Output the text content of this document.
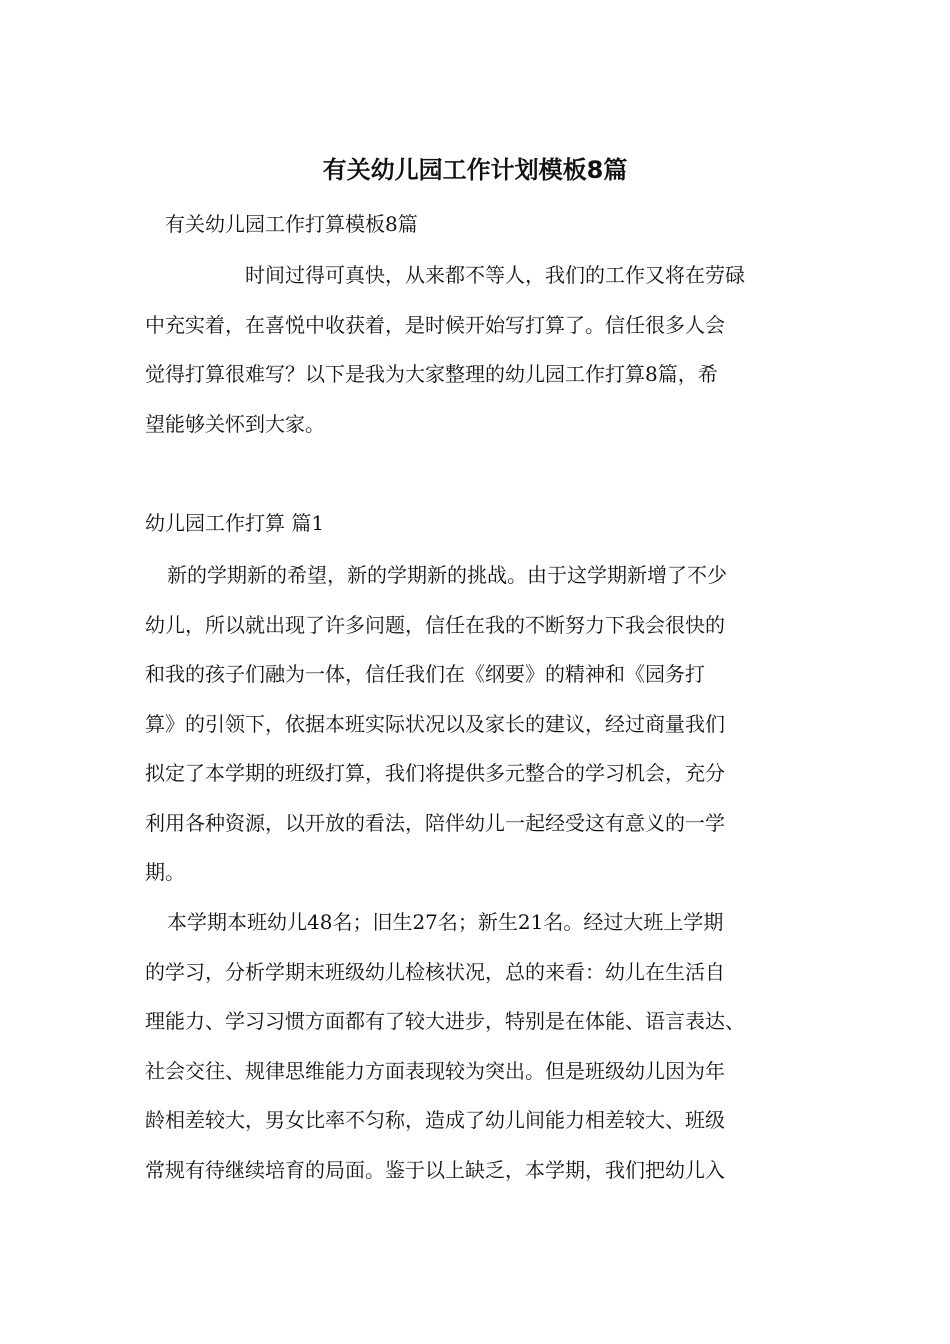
有关幼儿园工作计划模板8篇

有关幼儿园工作打算模板8篇

时间过得可真快，从来都不等人，我们的工作又将在劳碌
中充实着，在喜悦中收获着，是时候开始写打算了。信任很多人会
觉得打算很难写？以下是我为大家整理的幼儿园工作打算8篇，希
望能够关怀到大家。

幼儿园工作打算 篇1

新的学期新的希望，新的学期新的挑战。由于这学期新增了不少
幼儿，所以就出现了许多问题，信任在我的不断努力下我会很快的
和我的孩子们融为一体，信任我们在《纲要》的精神和《园务打
算》的引领下，依据本班实际状况以及家长的建议，经过商量我们
拟定了本学期的班级打算，我们将提供多元整合的学习机会，充分
利用各种资源，以开放的看法，陪伴幼儿一起经受这有意义的一学
期。
本学期本班幼儿48名；旧生27名；新生21名。经过大班上学期
的学习，分析学期末班级幼儿检核状况，总的来看：幼儿在生活自
理能力、学习习惯方面都有了较大进步，特别是在体能、语言表达、
社会交往、规律思维能力方面表现较为突出。但是班级幼儿因为年
龄相差较大，男女比率不匀称，造成了幼儿间能力相差较大、班级
常规有待继续培育的局面。鉴于以上缺乏，本学期，我们把幼儿入
